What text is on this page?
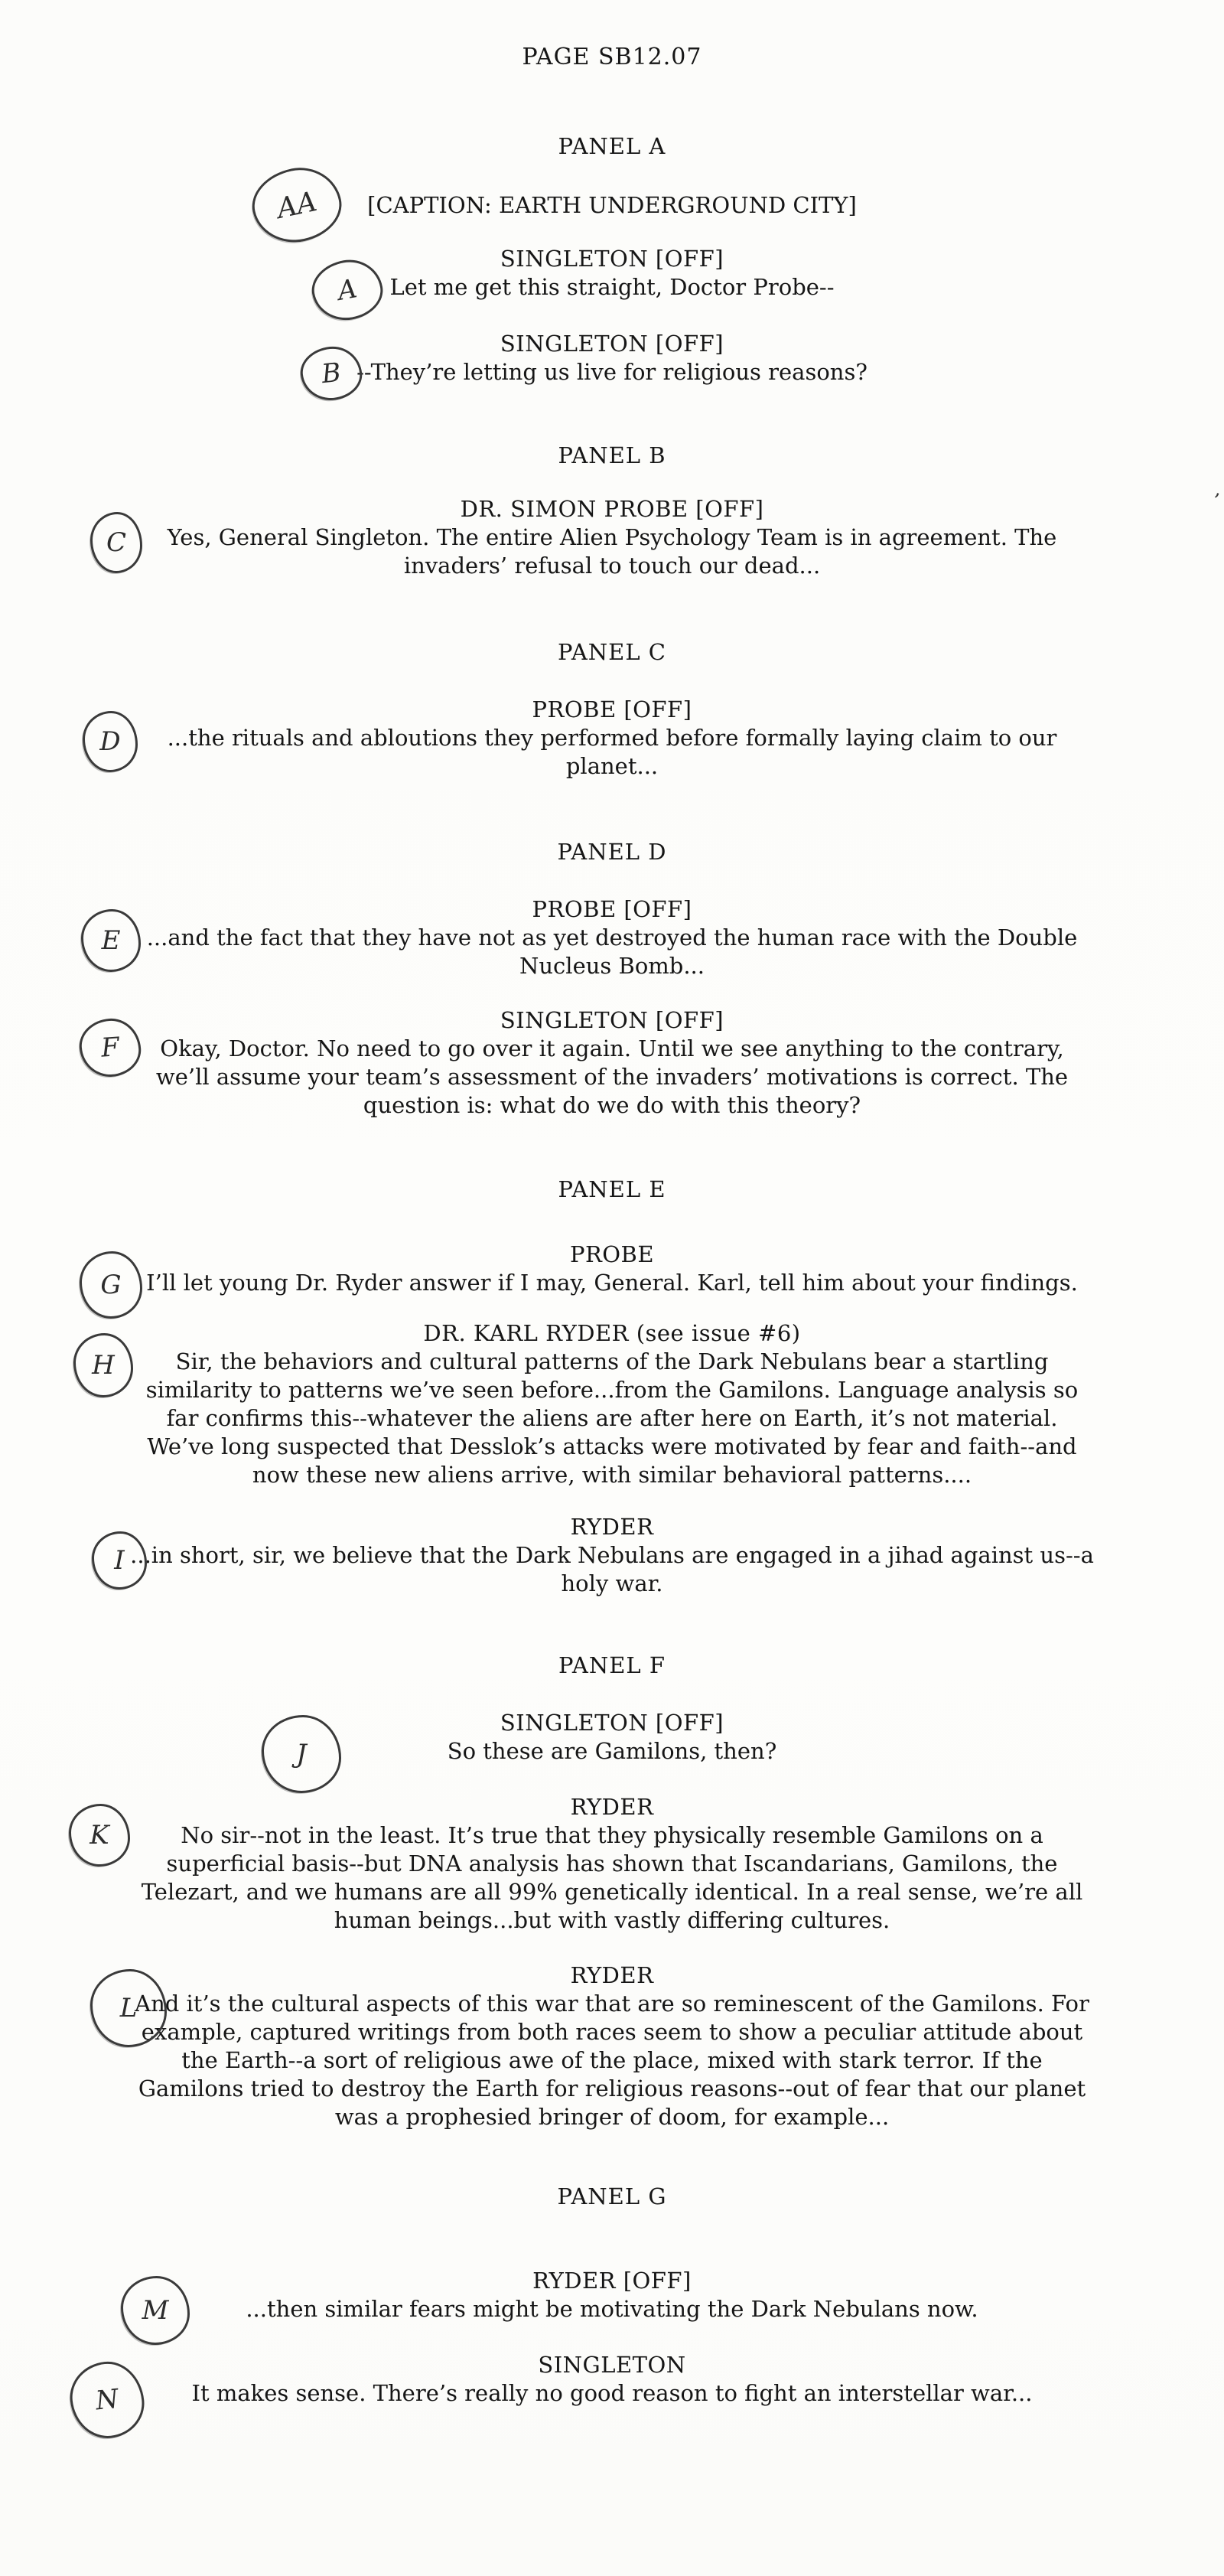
PAGE SB12.07
’
PANEL A
AA	[CAPTION: EARTH UNDERGROUND CITY]
A
SINGLETON [OFF]
Let me get this straight, Doctor Probe--
B
SINGLETON [OFF]
--They’re letting us live for religious reasons?
PANEL B
C
DR. SIMON PROBE [OFF]
Yes, General Singleton. The entire Alien Psychology Team is in agreement. The invaders’ refusal to touch our dead...
PANEL C
D
PROBE [OFF]
...the rituals and abloutions they performed before formally laying claim to our planet...
PANEL D
E
PROBE [OFF]
...and the fact that they have not as yet destroyed the human race with the Double Nucleus Bomb...
F
SINGLETON [OFF]
Okay, Doctor. No need to go over it again. Until we see anything to the contrary, we’ll assume your team’s assessment of the invaders’ motivations is correct. The question is: what do we do with this theory?
PANEL E
G
PROBE
I’ll let young Dr. Ryder answer if I may, General. Karl, tell him about your findings.
H
DR. KARL RYDER (see issue #6)
Sir, the behaviors and cultural patterns of the Dark Nebulans bear a startling similarity to patterns we’ve seen before...from the Gamilons. Language analysis so far confirms this--whatever the aliens are after here on Earth, it’s not material. We’ve long suspected that Desslok’s attacks were motivated by fear and faith--and now these new aliens arrive, with similar behavioral patterns....
I
RYDER
...in short, sir, we believe that the Dark Nebulans are engaged in a jihad against us--a holy war.
PANEL F
J
SINGLETON [OFF]
So these are Gamilons, then?
K
RYDER
No sir--not in the least. It’s true that they physically resemble Gamilons on a superficial basis--but DNA analysis has shown that Iscandarians, Gamilons, the Telezart, and we humans are all 99% genetically identical. In a real sense, we’re all human beings...but with vastly differing cultures.
L
RYDER
And it’s the cultural aspects of this war that are so reminescent of the Gamilons. For example, captured writings from both races seem to show a peculiar attitude about the Earth--a sort of religious awe of the place, mixed with stark terror. If the Gamilons tried to destroy the Earth for religious reasons--out of fear that our planet was a prophesied bringer of doom, for example...
PANEL G
M
RYDER [OFF]
...then similar fears might be motivating the Dark Nebulans now.
N
SINGLETON
It makes sense. There’s really no good reason to fight an interstellar war...
